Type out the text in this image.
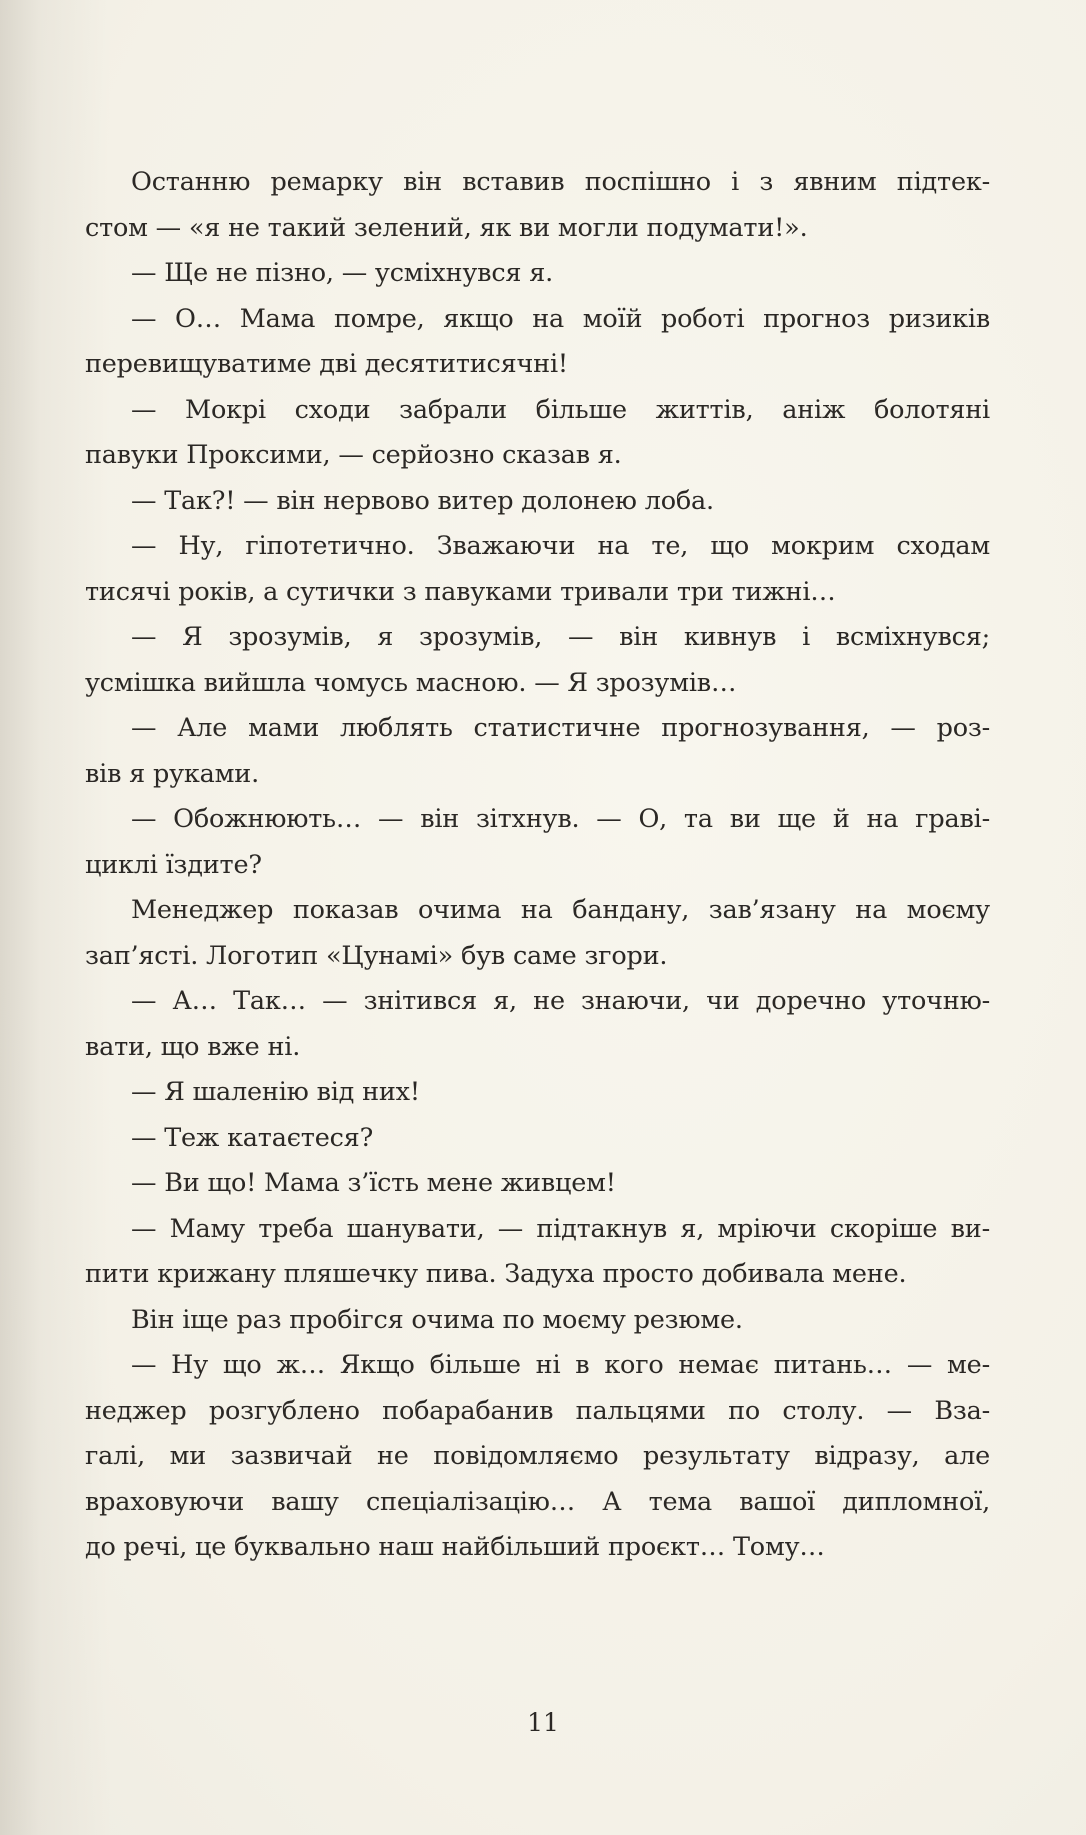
Останню ремарку він вставив поспішно і з явним підтек-
стом — «я не такий зелений, як ви могли подумати!».
— Ще не пізно, — усміхнувся я.
— О… Мама помре, якщо на моїй роботі прогноз ризиків
перевищуватиме дві десятитисячні!
— Мокрі сходи забрали більше життів, аніж болотяні
павуки Проксими, — серйозно сказав я.
— Так?! — він нервово витер долонею лоба.
— Ну, гіпотетично. Зважаючи на те, що мокрим сходам
тисячі років, а сутички з павуками тривали три тижні…
— Я зрозумів, я зрозумів, — він кивнув і всміхнувся;
усмішка вийшла чомусь масною. — Я зрозумів…
— Але мами люблять статистичне прогнозування, — роз-
вів я руками.
— Обожнюють… — він зітхнув. — О, та ви ще й на граві-
циклі їздите?
Менеджер показав очима на бандану, зав’язану на моєму
зап’ясті. Логотип «Цунамі» був саме згори.
— А… Так… — знітився я, не знаючи, чи доречно уточню-
вати, що вже ні.
— Я шаленію від них!
— Теж катаєтеся?
— Ви що! Мама з’їсть мене живцем!
— Маму треба шанувати, — підтакнув я, мріючи скоріше ви-
пити крижану пляшечку пива. Задуха просто добивала мене.
Він іще раз пробігся очима по моєму резюме.
— Ну що ж… Якщо більше ні в кого немає питань… — ме-
неджер розгублено побарабанив пальцями по столу. — Вза-
галі, ми зазвичай не повідомляємо результату відразу, але
враховуючи вашу спеціалізацію… А тема вашої дипломної,
до речі, це буквально наш найбільший проєкт… Тому…
11
